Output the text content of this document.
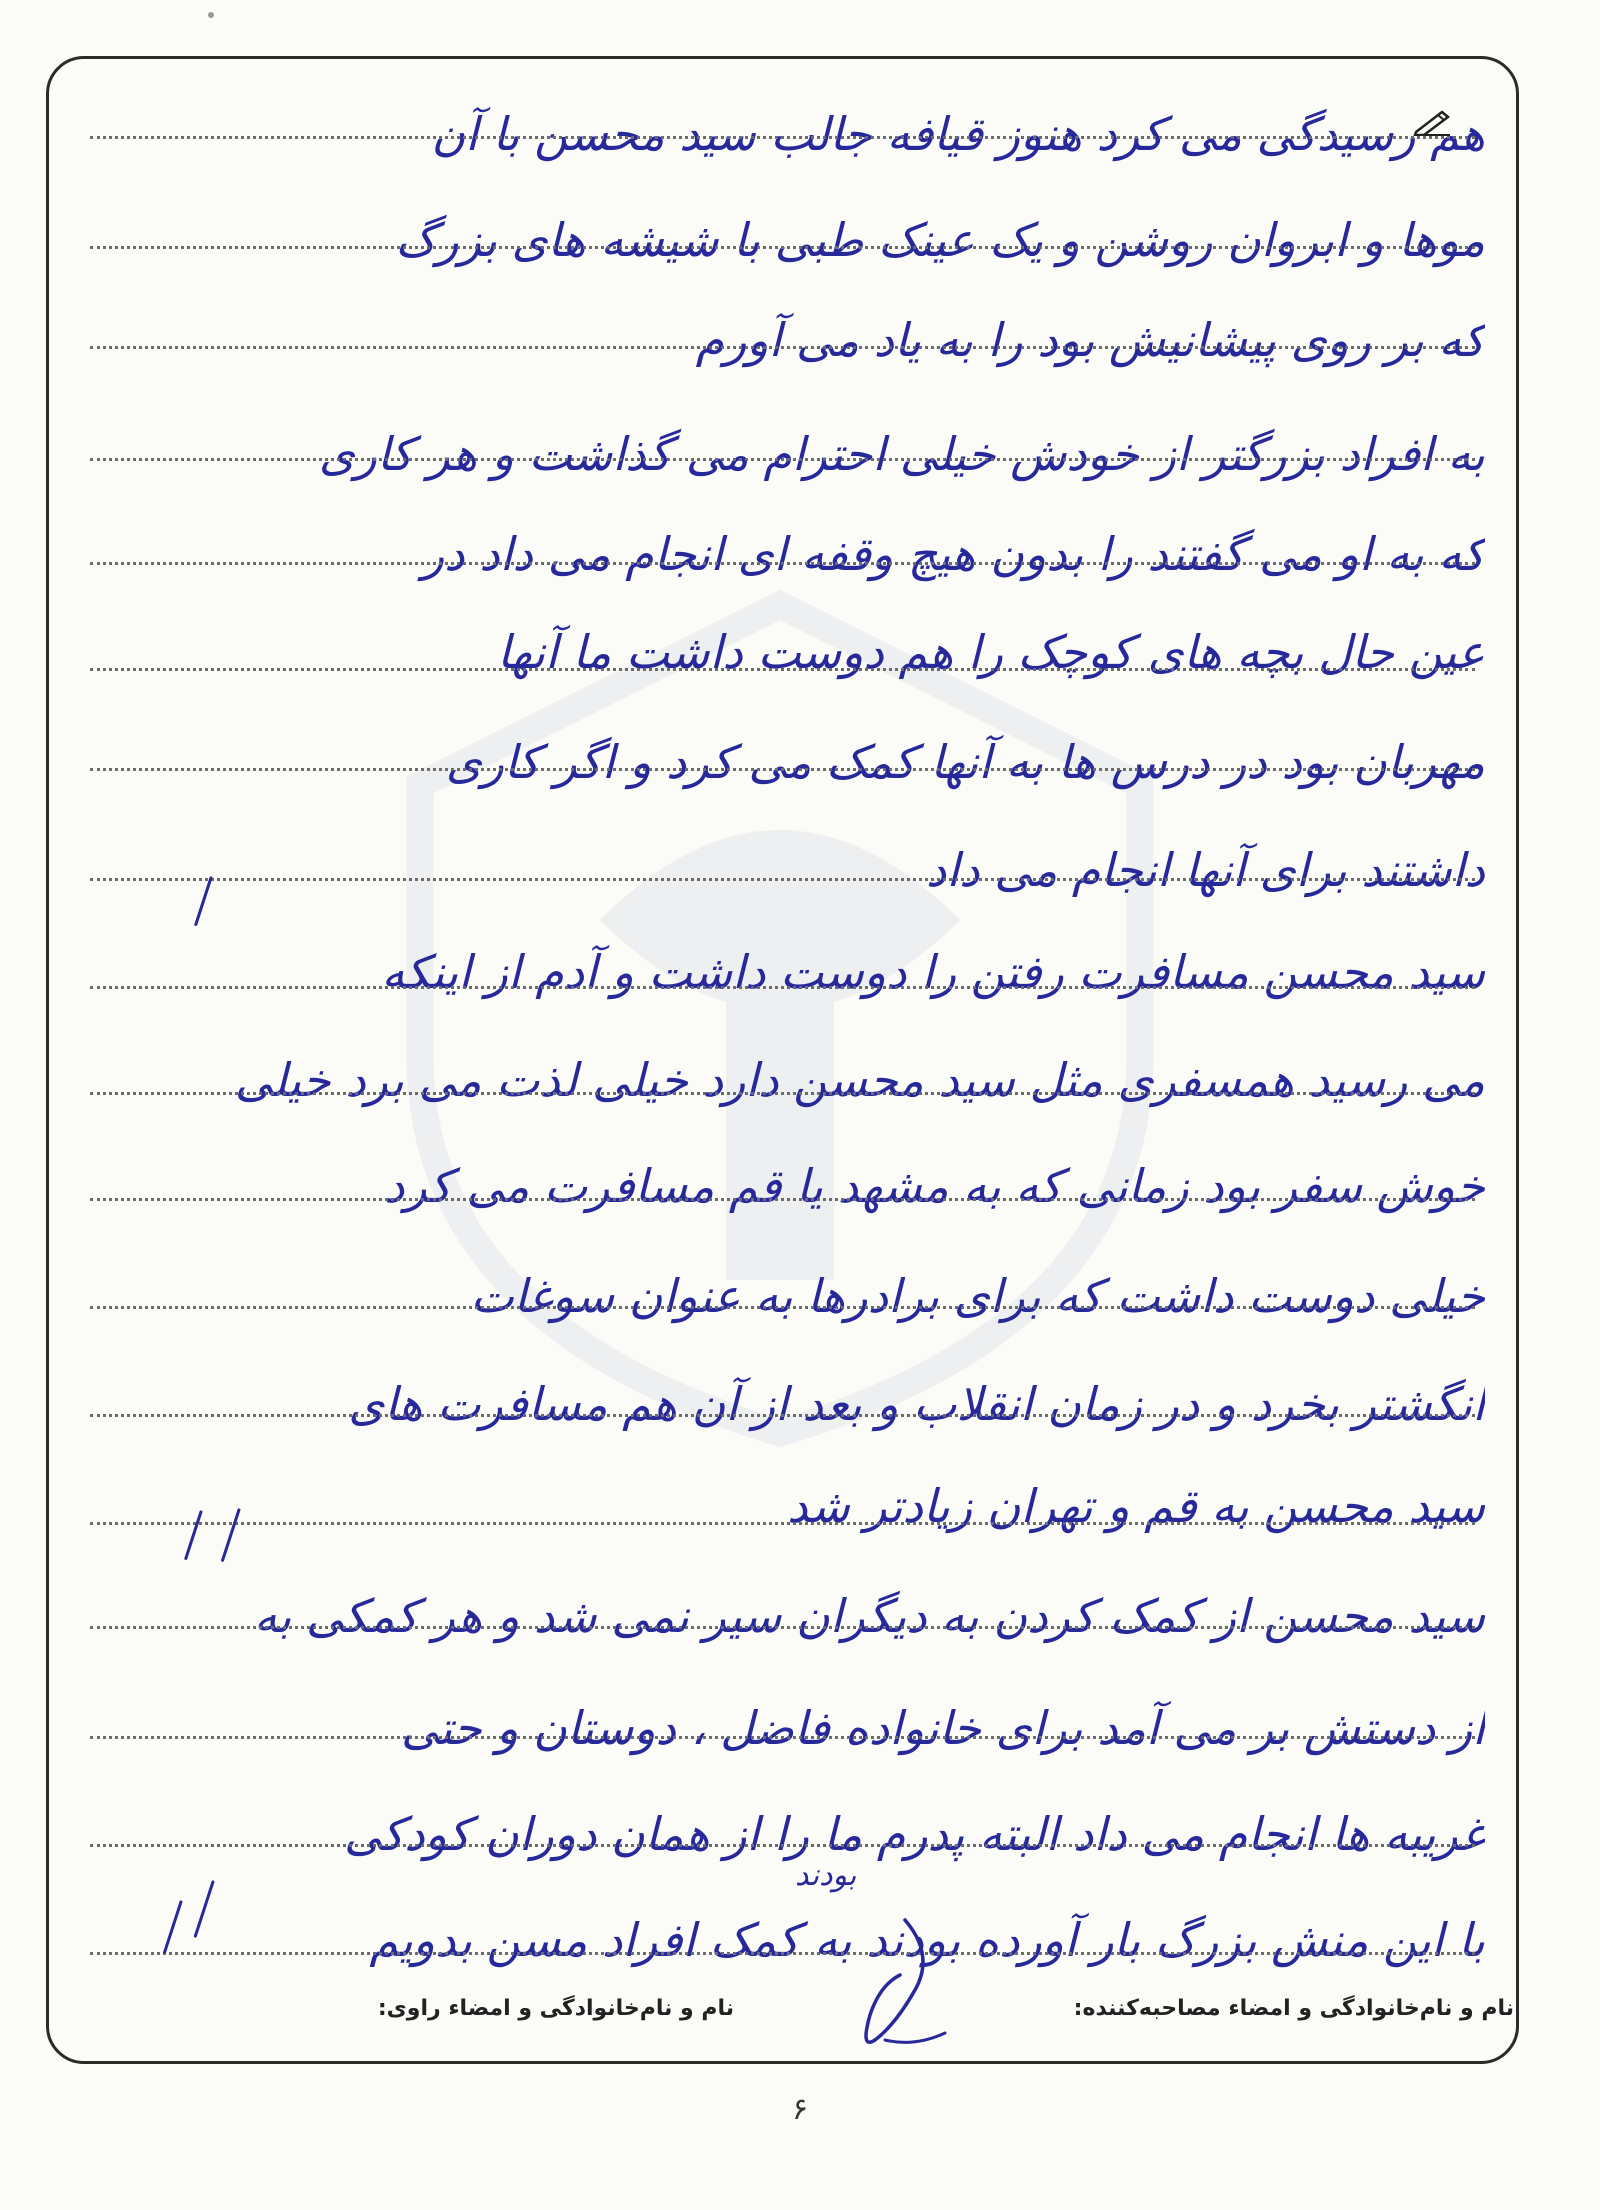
هم رسیدگی می کرد هنوز قیافه جالب سید محسن با آن
موها و ابروان روشن و یک عینک طبی با شیشه های بزرگ
که بر روی پیشانیش بود را به یاد می آورم
به افراد بزرگتر از خودش خیلی احترام می گذاشت و هر کاری
که به او می گفتند را بدون هیچ وقفه ای انجام می داد در
عین حال بچه های کوچک را هم دوست داشت ما آنها
مهربان بود در درس ها به آنها کمک می کرد و اگر کاری
داشتند برای آنها انجام می داد
سید محسن مسافرت رفتن را دوست داشت و آدم از اینکه
می رسید همسفری مثل سید محسن دارد خیلی لذت می برد خیلی
خوش سفر بود زمانی که به مشهد یا قم مسافرت می کرد
خیلی دوست داشت که برای برادرها به عنوان سوغات
انگشتر بخرد و در زمان انقلاب و بعد از آن هم مسافرت های
سید محسن به قم و تهران زیادتر شد
سید محسن از کمک کردن به دیگران سیر نمی شد و هر کمکی به
از دستش بر می آمد برای خانواده فاضل ، دوستان و حتی
غریبه ها انجام می داد البته پدرم ما را از همان دوران کودکی
با این منش بزرگ بار آورده بودند به کمک افراد مسن بدویم
بودند
نام و نام‌خانوادگی و امضاء مصاحبه‌کننده:
نام و نام‌خانوادگی و امضاء راوی:
۶
